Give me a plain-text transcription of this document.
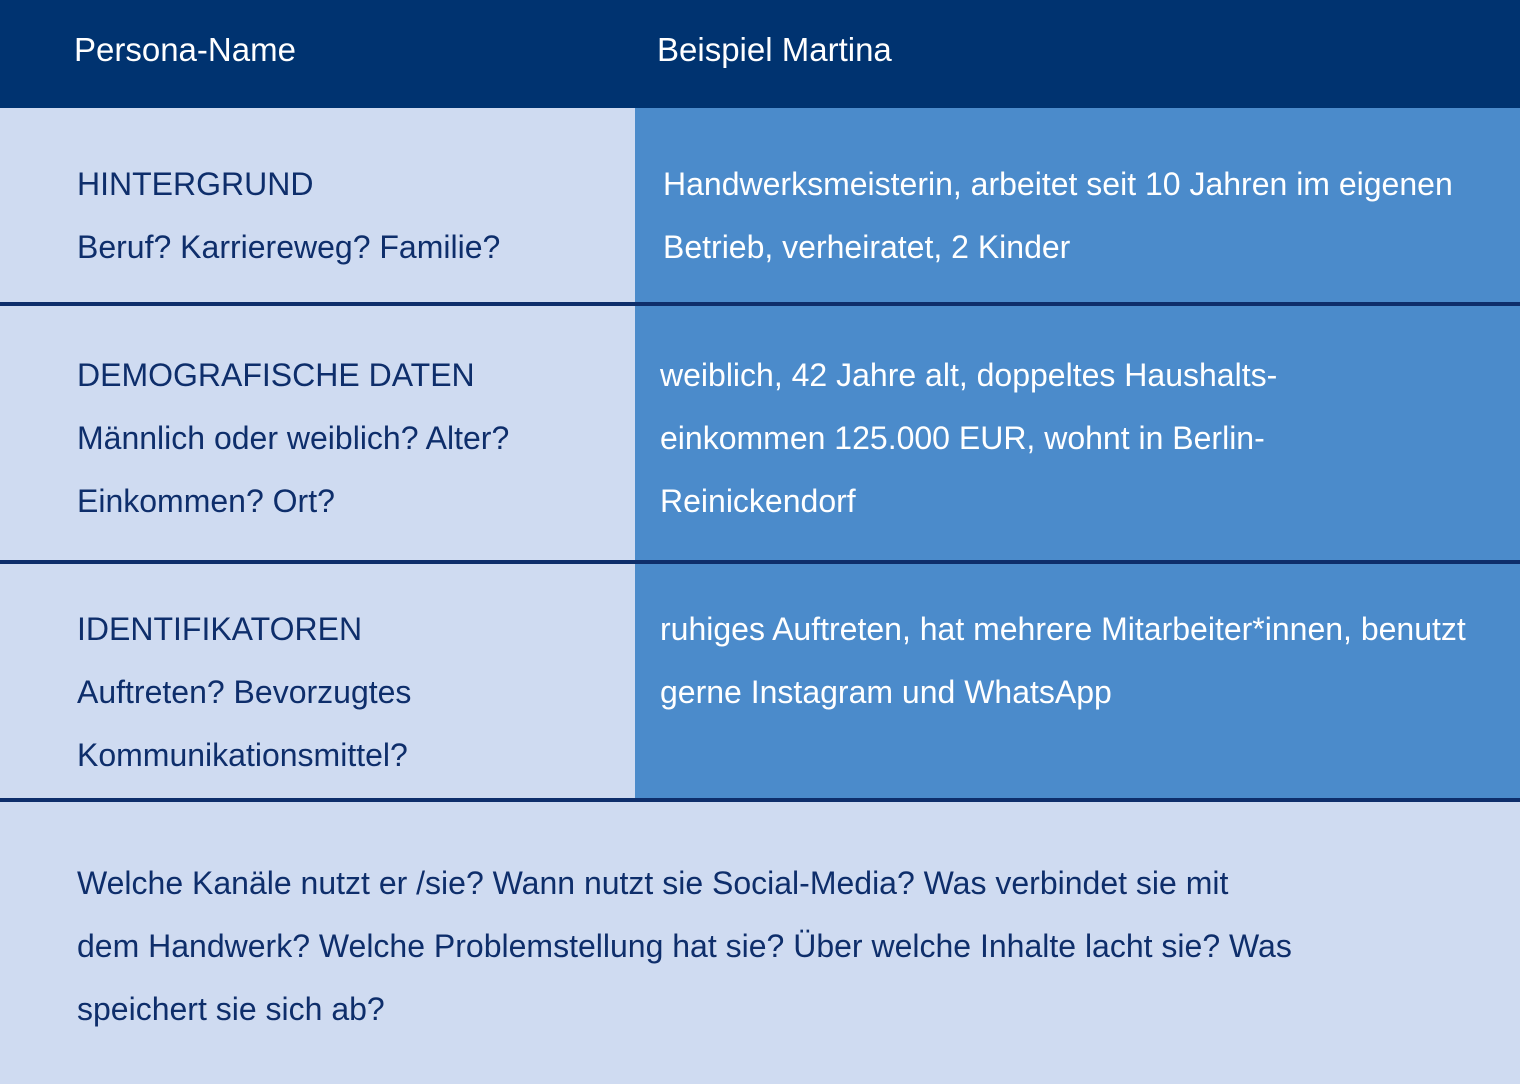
Persona-Name	Beispiel Martina
HINTERGRUND
Beruf? Karriereweg? Familie?
Handwerksmeisterin, arbeitet seit 10 Jahren im eigenen Betrieb, verheiratet, 2 Kinder
DEMOGRAFISCHE DATEN
Männlich oder weiblich? Alter? Einkommen? Ort?
weiblich, 42 Jahre alt, doppeltes Haushalts-einkommen 125.000 EUR, wohnt in Berlin-Reinickendorf
IDENTIFIKATOREN
Auftreten? Bevorzugtes Kommunikationsmittel?
ruhiges Auftreten, hat mehrere Mitarbeiter*innen, benutzt gerne Instagram und WhatsApp
Welche Kanäle nutzt er /sie? Wann nutzt sie Social-Media? Was verbindet sie mit dem Handwerk? Welche Problemstellung hat sie? Über welche Inhalte lacht sie? Was speichert sie sich ab?
